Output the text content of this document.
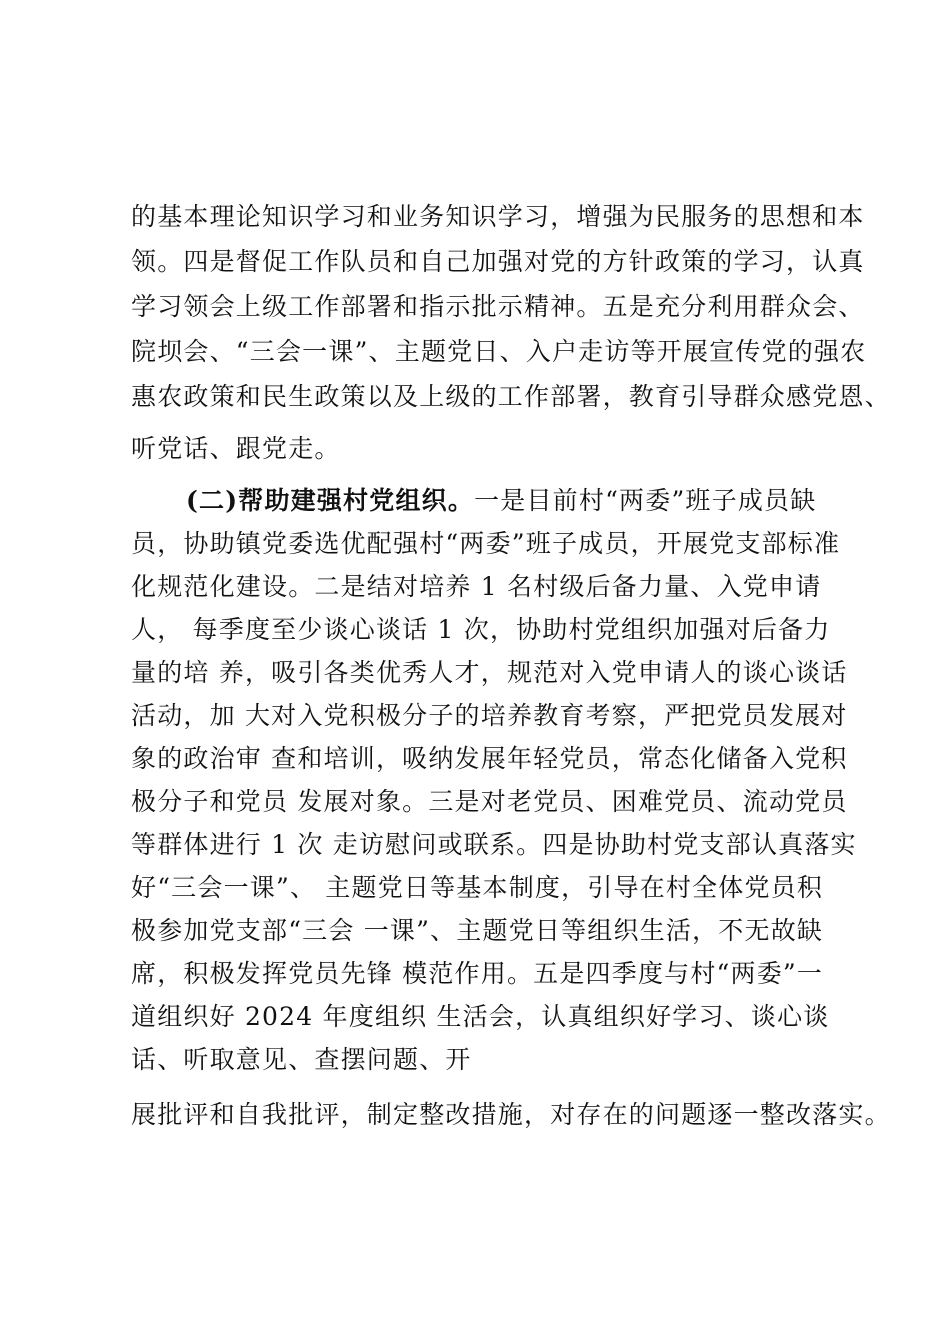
的基本理论知识学习和业务知识学习，增强为民服务的思想和本
领。四是督促工作队员和自己加强对党的方针政策的学习，认真
学习领会上级工作部署和指示批示精神。五是充分利用群众会、
院坝会、“三会一课”、主题党日、入户走访等开展宣传党的强农
惠农政策和民生政策以及上级的工作部署，教育引导群众感党恩、
听党话、跟党走。
(二)帮助建强村党组织。一是目前村“两委”班子成员缺
员，协助镇党委选优配强村“两委”班子成员，开展党支部标准
化规范化建设。二是结对培养 1 名村级后备力量、入党申请
人， 每季度至少谈心谈话 1 次，协助村党组织加强对后备力
量的培 养，吸引各类优秀人才，规范对入党申请人的谈心谈话
活动，加 大对入党积极分子的培养教育考察，严把党员发展对
象的政治审 查和培训，吸纳发展年轻党员，常态化储备入党积
极分子和党员 发展对象。三是对老党员、困难党员、流动党员
等群体进行 1 次 走访慰问或联系。四是协助村党支部认真落实
好“三会一课”、 主题党日等基本制度，引导在村全体党员积
极参加党支部“三会 一课”、主题党日等组织生活，不无故缺
席，积极发挥党员先锋 模范作用。五是四季度与村“两委”一
道组织好 2024 年度组织 生活会，认真组织好学习、谈心谈
话、听取意见、查摆问题、开
展批评和自我批评，制定整改措施，对存在的问题逐一整改落实。
